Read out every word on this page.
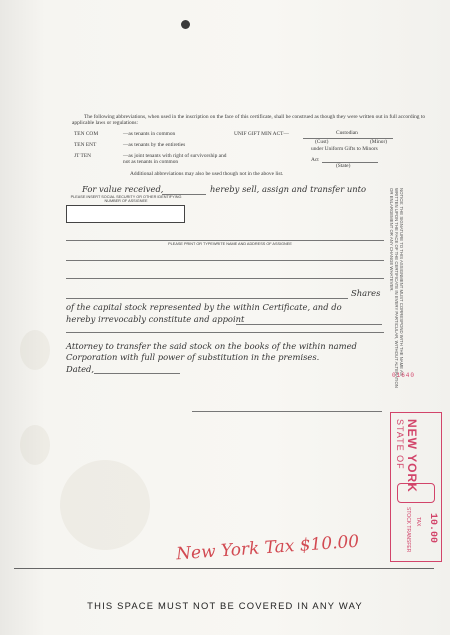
The following abbreviations, when used in the inscription on the face of this certificate, shall be construed as though they were written out in full according to applicable laws or regulations:
TEN COM	—as tenants in common
TEN ENT	—as tenants by the entireties
JT TEN	—as joint tenants with right of survivorship and not as tenants in common
UNIF GIFT MIN ACT—	Custodian
(Cust)	(Minor)
under Uniform Gifts to Minors
Act
(State)
Additional abbreviations may also be used though not in the above list.
For value received,	hereby sell, assign and transfer unto
PLEASE INSERT SOCIAL SECURITY OR OTHER IDENTIFYING NUMBER OF ASSIGNEE
PLEASE PRINT OR TYPEWRITE NAME AND ADDRESS OF ASSIGNEE
Shares
of the capital stock represented by the within Certificate, and do
hereby irrevocably constitute and appoint
Attorney to transfer the said stock on the books of the within named
Corporation with full power of substitution in the premises.
Dated,	NOTICE: THE SIGNATURE TO THIS ASSIGNMENT MUST CORRESPOND WITH THE NAME AS WRITTEN UPON THE FACE OF THE CERTIFICATE IN EVERY PARTICULAR, WITHOUT ALTERATION OR ENLARGEMENT OR ANY CHANGE WHATEVER.
01640
STATE OF NEW YORK
STOCK TRANSFER TAX 10.00
New York Tax $10.00
THIS SPACE MUST NOT BE COVERED IN ANY WAY
